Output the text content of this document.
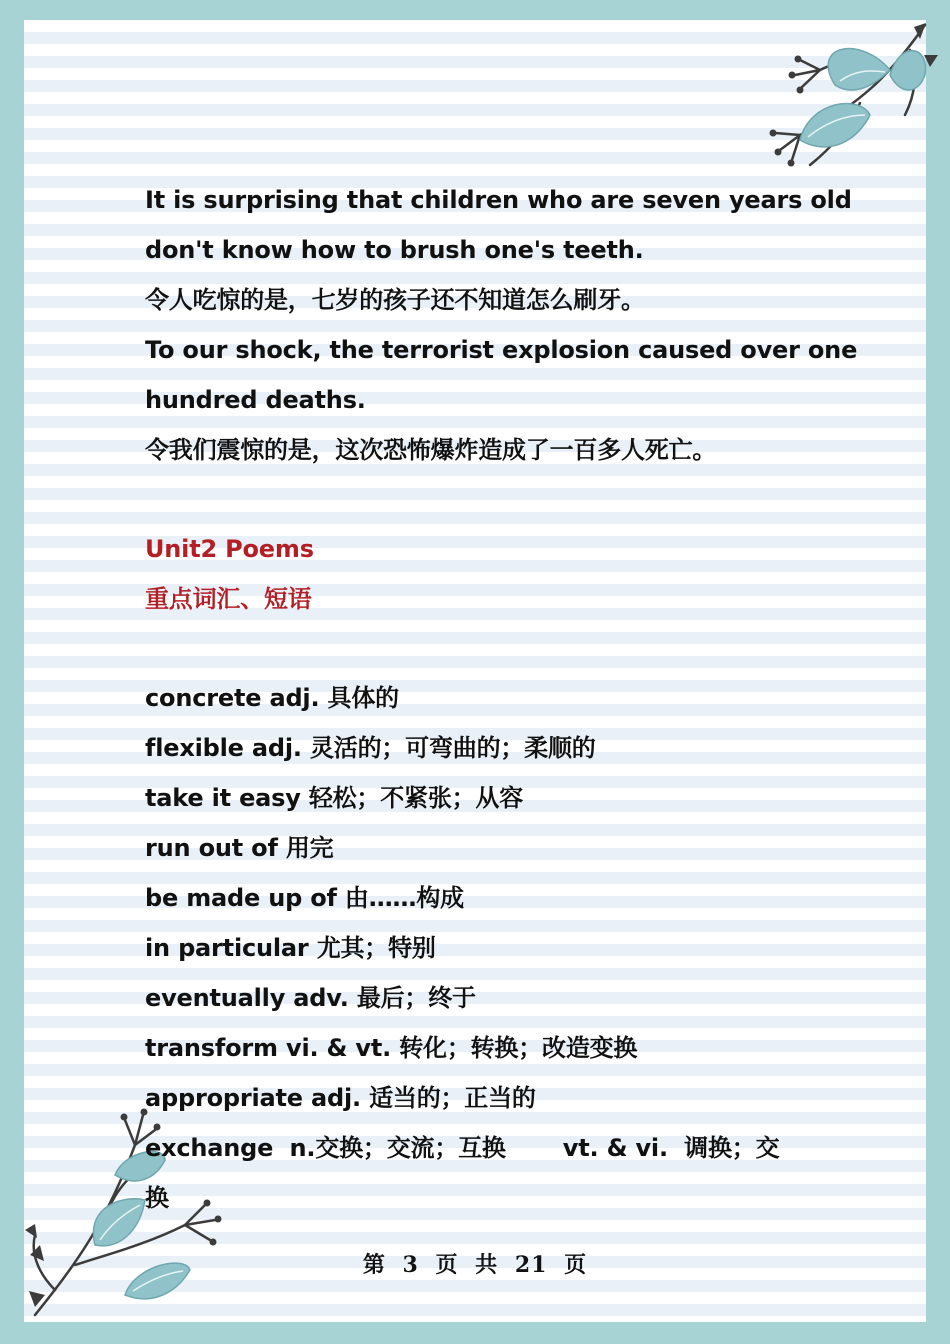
It is surprising that children who are seven years old
don't know how to brush one's teeth.
令人吃惊的是，七岁的孩子还不知道怎么刷牙。
To our shock, the terrorist explosion caused over one
hundred deaths.
令我们震惊的是，这次恐怖爆炸造成了一百多人死亡。
Unit2 Poems
重点词汇、短语
concrete adj. 具体的
flexible adj. 灵活的；可弯曲的；柔顺的
take it easy 轻松；不紧张；从容
run out of 用完
be made up of 由……构成
in particular 尤其；特别
eventually adv. 最后；终于
transform vi. & vt. 转化；转换；改造变换
appropriate adj. 适当的；正当的
exchange  n.交换；交流；互换       vt. & vi.  调换；交
换
第 3 页 共 21 页
